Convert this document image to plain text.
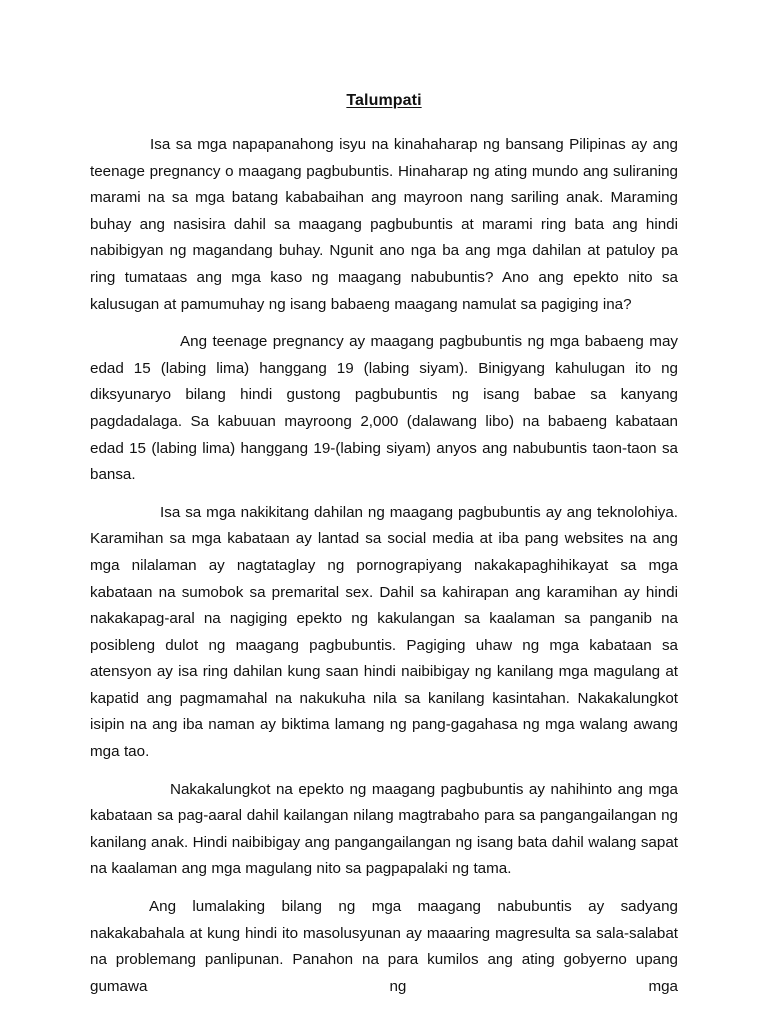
Talumpati

Isa sa mga napapanahong isyu na kinahaharap ng bansang Pilipinas ay ang teenage pregnancy o maagang pagbubuntis. Hinaharap ng ating mundo ang suliraning marami na sa mga batang kababaihan ang mayroon nang sariling anak. Maraming buhay ang nasisira dahil sa maagang pagbubuntis at marami ring bata ang hindi nabibigyan ng magandang buhay. Ngunit ano nga ba ang mga dahilan at patuloy pa ring tumataas ang mga kaso ng maagang nabubuntis? Ano ang epekto nito sa kalusugan at pamumuhay ng isang babaeng maagang namulat sa pagiging ina?

Ang teenage pregnancy ay maagang pagbubuntis ng mga babaeng may edad 15 (labing lima) hanggang 19 (labing siyam). Binigyang kahulugan ito ng diksyunaryo bilang hindi gustong pagbubuntis ng isang babae sa kanyang pagdadalaga. Sa kabuuan mayroong 2,000 (dalawang libo) na babaeng kabataan edad 15 (labing lima) hanggang 19-(labing siyam) anyos ang nabubuntis taon-taon sa bansa.

Isa sa mga nakikitang dahilan ng maagang pagbubuntis ay ang teknolohiya. Karamihan sa mga kabataan ay lantad sa social media at iba pang websites na ang mga nilalaman ay nagtataglay ng pornograpiyang nakakapaghihikayat sa mga kabataan na sumobok sa premarital sex. Dahil sa kahirapan ang karamihan ay hindi nakakapag-aral na nagiging epekto ng kakulangan sa kaalaman sa panganib na posibleng dulot ng maagang pagbubuntis. Pagiging uhaw ng mga kabataan sa atensyon ay isa ring dahilan kung saan hindi naibibigay ng kanilang mga magulang at kapatid ang pagmamahal na nakukuha nila sa kanilang kasintahan. Nakakalungkot isipin na ang iba naman ay biktima lamang ng pang-gagahasa ng mga walang awang mga tao.

Nakakalungkot na epekto ng maagang pagbubuntis ay nahihinto ang mga kabataan sa pag-aaral dahil kailangan nilang magtrabaho para sa pangangailangan ng kanilang anak. Hindi naibibigay ang pangangailangan ng isang bata dahil walang sapat na kaalaman ang mga magulang nito sa pagpapalaki ng tama.

Ang lumalaking bilang ng mga maagang nabubuntis ay sadyang nakakabahala at kung hindi ito masolusyunan ay maaaring magresulta sa sala-salabat na problemang panlipunan. Panahon na para kumilos ang ating gobyerno upang gumawa ng mga
